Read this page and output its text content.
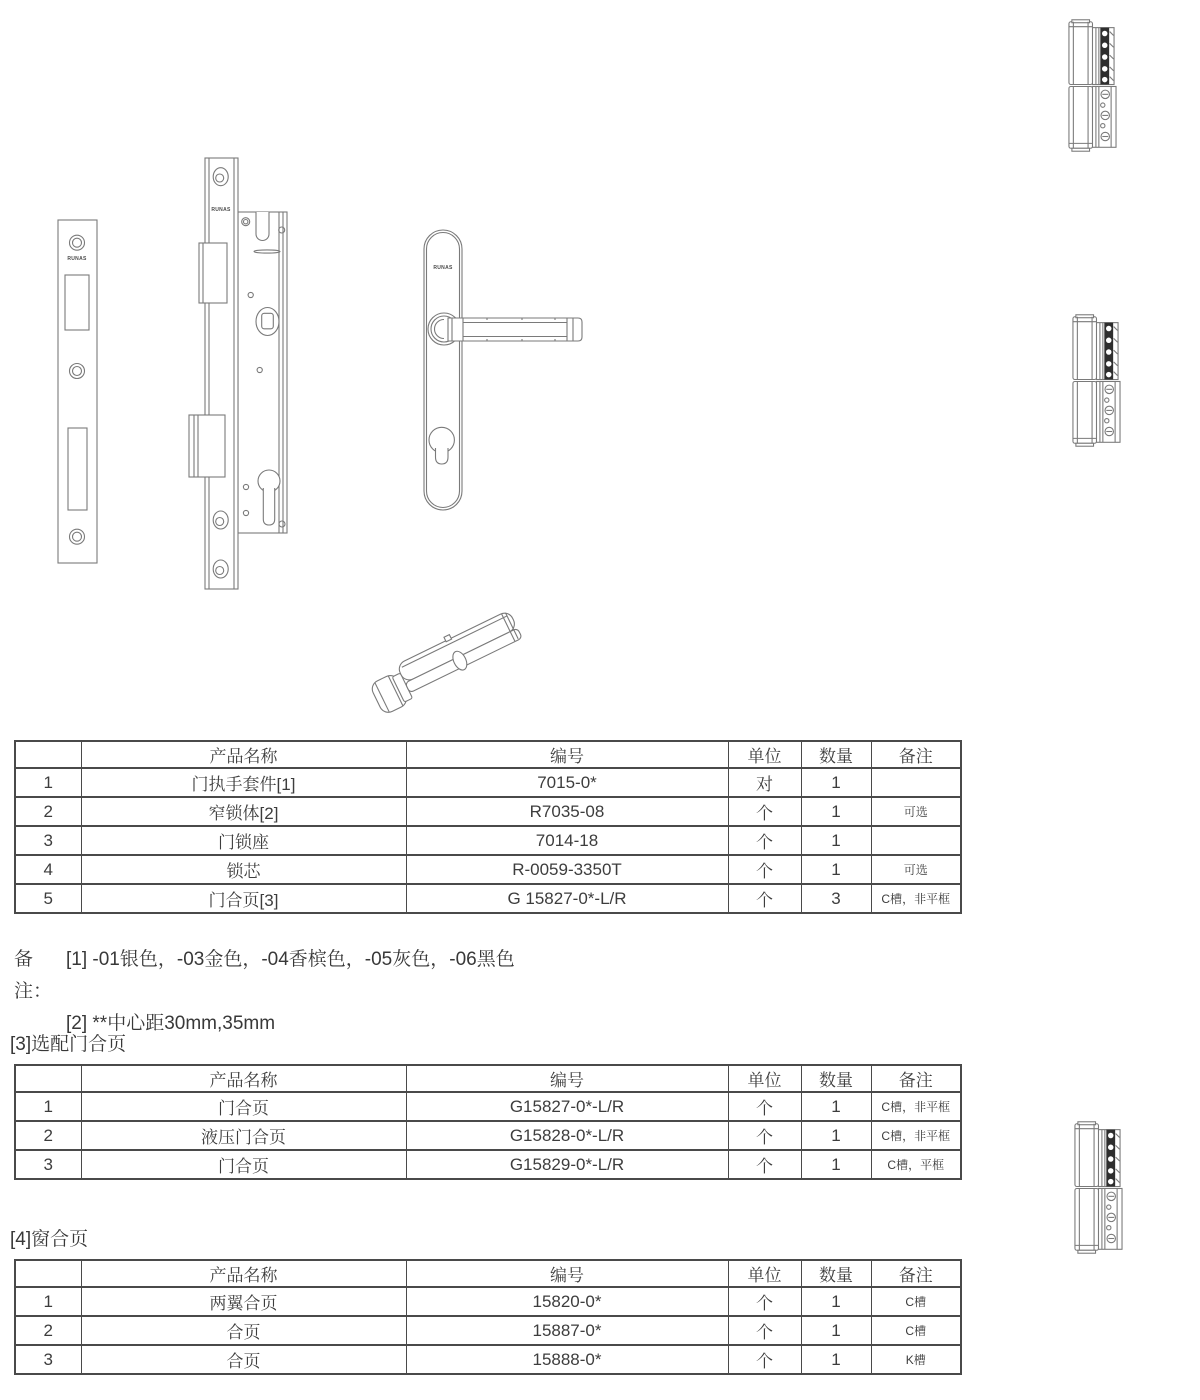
RUNAS
RUNAS
RUNAS
	产品名称	编号	单位	数量	备注
1	门执手套件[1]	7015-0*	对	1	
2	窄锁体[2]	R7035-08	个	1	可选
3	门锁座	7014-18	个	1	
4	锁芯	R-0059-3350T	个	1	可选
5	门合页[3]	G 15827-0*-L/R	个	3	C槽，非平框
备注：
[1] -01银色，-03金色，-04香槟色，-05灰色，-06黑色
[2] **中心距30mm,35mm
[3]选配门合页
	产品名称	编号	单位	数量	备注
1	门合页	G15827-0*-L/R	个	1	C槽，非平框
2	液压门合页	G15828-0*-L/R	个	1	C槽，非平框
3	门合页	G15829-0*-L/R	个	1	C槽，平框
[4]窗合页
	产品名称	编号	单位	数量	备注
1	两翼合页	15820-0*	个	1	C槽
2	合页	15887-0*	个	1	C槽
3	合页	15888-0*	个	1	K槽
